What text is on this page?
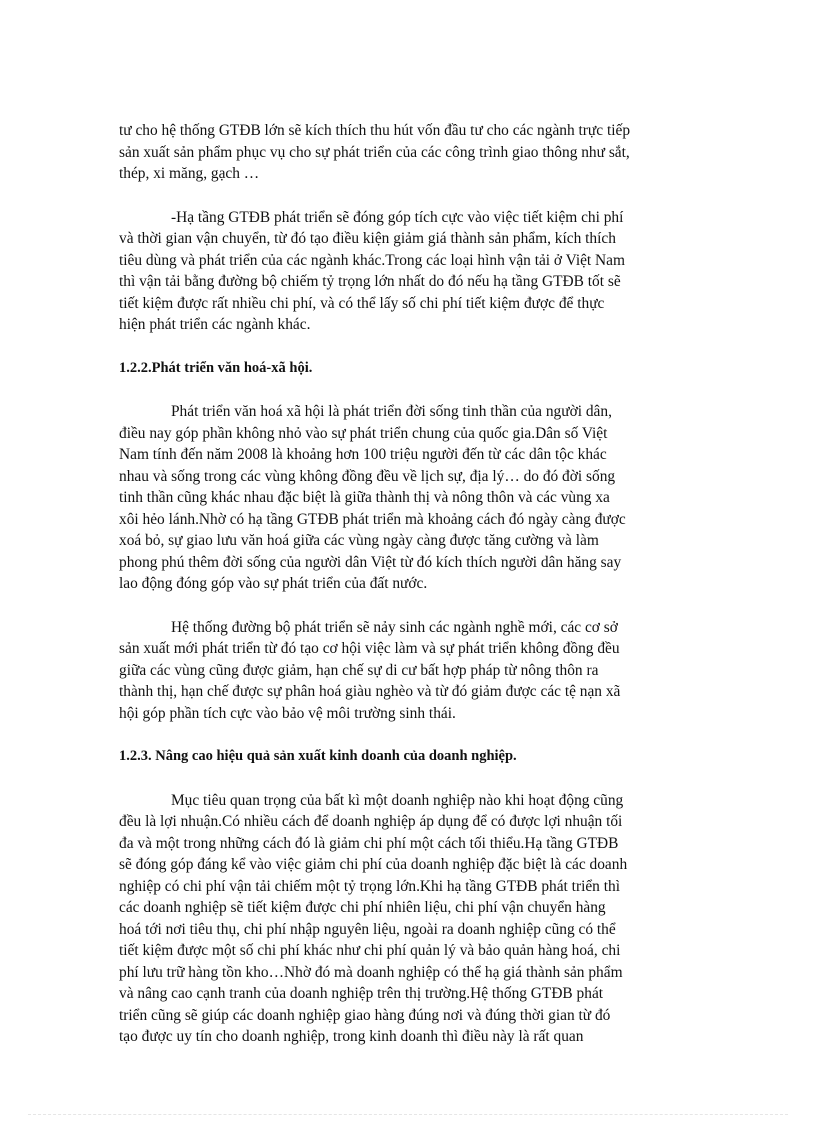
tư cho hệ thống GTĐB lớn sẽ kích thích thu hút vốn đầu tư cho các ngành trực tiếp
sản xuất sản phẩm phục vụ cho sự phát triển của các công trình giao thông như sắt,
thép, xi măng, gạch …
-Hạ tầng GTĐB phát triển sẽ đóng góp tích cực vào việc tiết kiệm chi phí
và thời gian vận chuyển, từ đó tạo điều kiện giảm giá thành sản phẩm, kích thích
tiêu dùng và phát triển của các ngành khác.Trong các loại hình vận tải ở Việt Nam
thì vận tải bằng đường bộ chiếm tỷ trọng lớn nhất do đó nếu hạ tầng GTĐB tốt sẽ
tiết kiệm được rất nhiều chi phí, và có thể lấy số chi phí tiết kiệm được để thực
hiện phát triển các ngành khác.
1.2.2.Phát triển văn hoá-xã hội.
Phát triển văn hoá xã hội là phát triển đời sống tinh thần của người dân,
điều nay góp phần không nhỏ vào sự phát triển chung của quốc gia.Dân số Việt
Nam tính đến năm 2008 là khoảng hơn 100 triệu người đến từ các dân tộc khác
nhau và sống trong các vùng không đồng đều về lịch sự, địa lý… do đó đời sống
tinh thần cũng khác nhau đặc biệt là giữa thành thị và nông thôn và các vùng xa
xôi hẻo lánh.Nhờ có hạ tầng GTĐB phát triển mà khoảng cách đó ngày càng được
xoá bỏ, sự giao lưu văn hoá giữa các vùng ngày càng được tăng cường và làm
phong phú thêm đời sống của người dân Việt từ đó kích thích người dân hăng say
lao động đóng góp vào sự phát triển của đất nước.
Hệ thống đường bộ phát triển sẽ nảy sinh các ngành nghề mới, các cơ sở
sản xuất mới phát triển từ đó tạo cơ hội việc làm và sự phát triển không đồng đều
giữa các vùng cũng được giảm, hạn chế sự di cư bất hợp pháp từ nông thôn ra
thành thị, hạn chế được sự phân hoá giàu nghèo và từ đó giảm được các tệ nạn xã
hội góp phần tích cực vào bảo vệ môi trường sinh thái.
1.2.3. Nâng cao hiệu quả sản xuất kinh doanh của doanh nghiệp.
Mục tiêu quan trọng của bất kì một doanh nghiệp nào khi hoạt động cũng
đều là lợi nhuận.Có nhiều cách để doanh nghiệp áp dụng để có được lợi nhuận tối
đa và một trong những cách đó là giảm chi phí một cách tối thiểu.Hạ tầng GTĐB
sẽ đóng góp đáng kể vào việc giảm chi phí của doanh nghiệp đặc biệt là các doanh
nghiệp có chi phí vận tải chiếm một tỷ trọng lớn.Khi hạ tầng GTĐB phát triển thì
các doanh nghiệp sẽ tiết kiệm được chi phí nhiên liệu, chi phí vận chuyển hàng
hoá tới nơi tiêu thụ, chi phí nhập nguyên liệu, ngoài ra doanh nghiệp cũng có thể
tiết kiệm được một số chi phí khác như chi phí quản lý và bảo quản hàng hoá, chi
phí lưu trữ hàng tồn kho…Nhờ đó mà doanh nghiệp có thể hạ giá thành sản phẩm
và nâng cao cạnh tranh của doanh nghiệp trên thị trường.Hệ thống GTĐB phát
triển cũng sẽ giúp các doanh nghiệp giao hàng đúng nơi và đúng thời gian từ đó
tạo được uy tín cho doanh nghiệp, trong kinh doanh thì điều này là rất quan
